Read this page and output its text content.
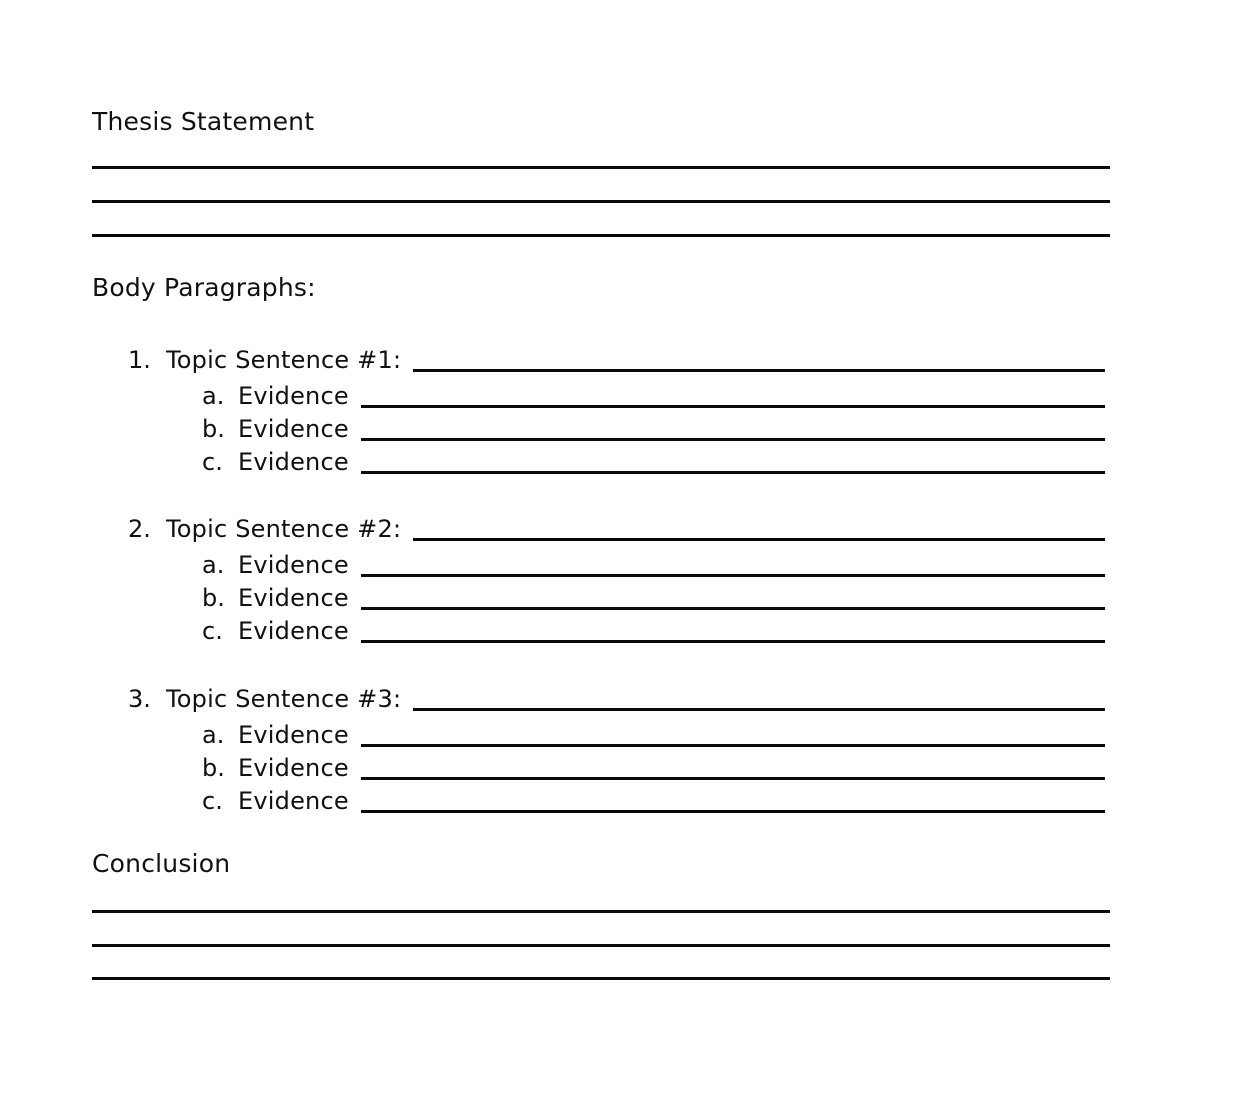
Thesis Statement
Body Paragraphs:
1. Topic Sentence #1:
a. Evidence
b. Evidence
c. Evidence
2. Topic Sentence #2:
a. Evidence
b. Evidence
c. Evidence
3. Topic Sentence #3:
a. Evidence
b. Evidence
c. Evidence
Conclusion
